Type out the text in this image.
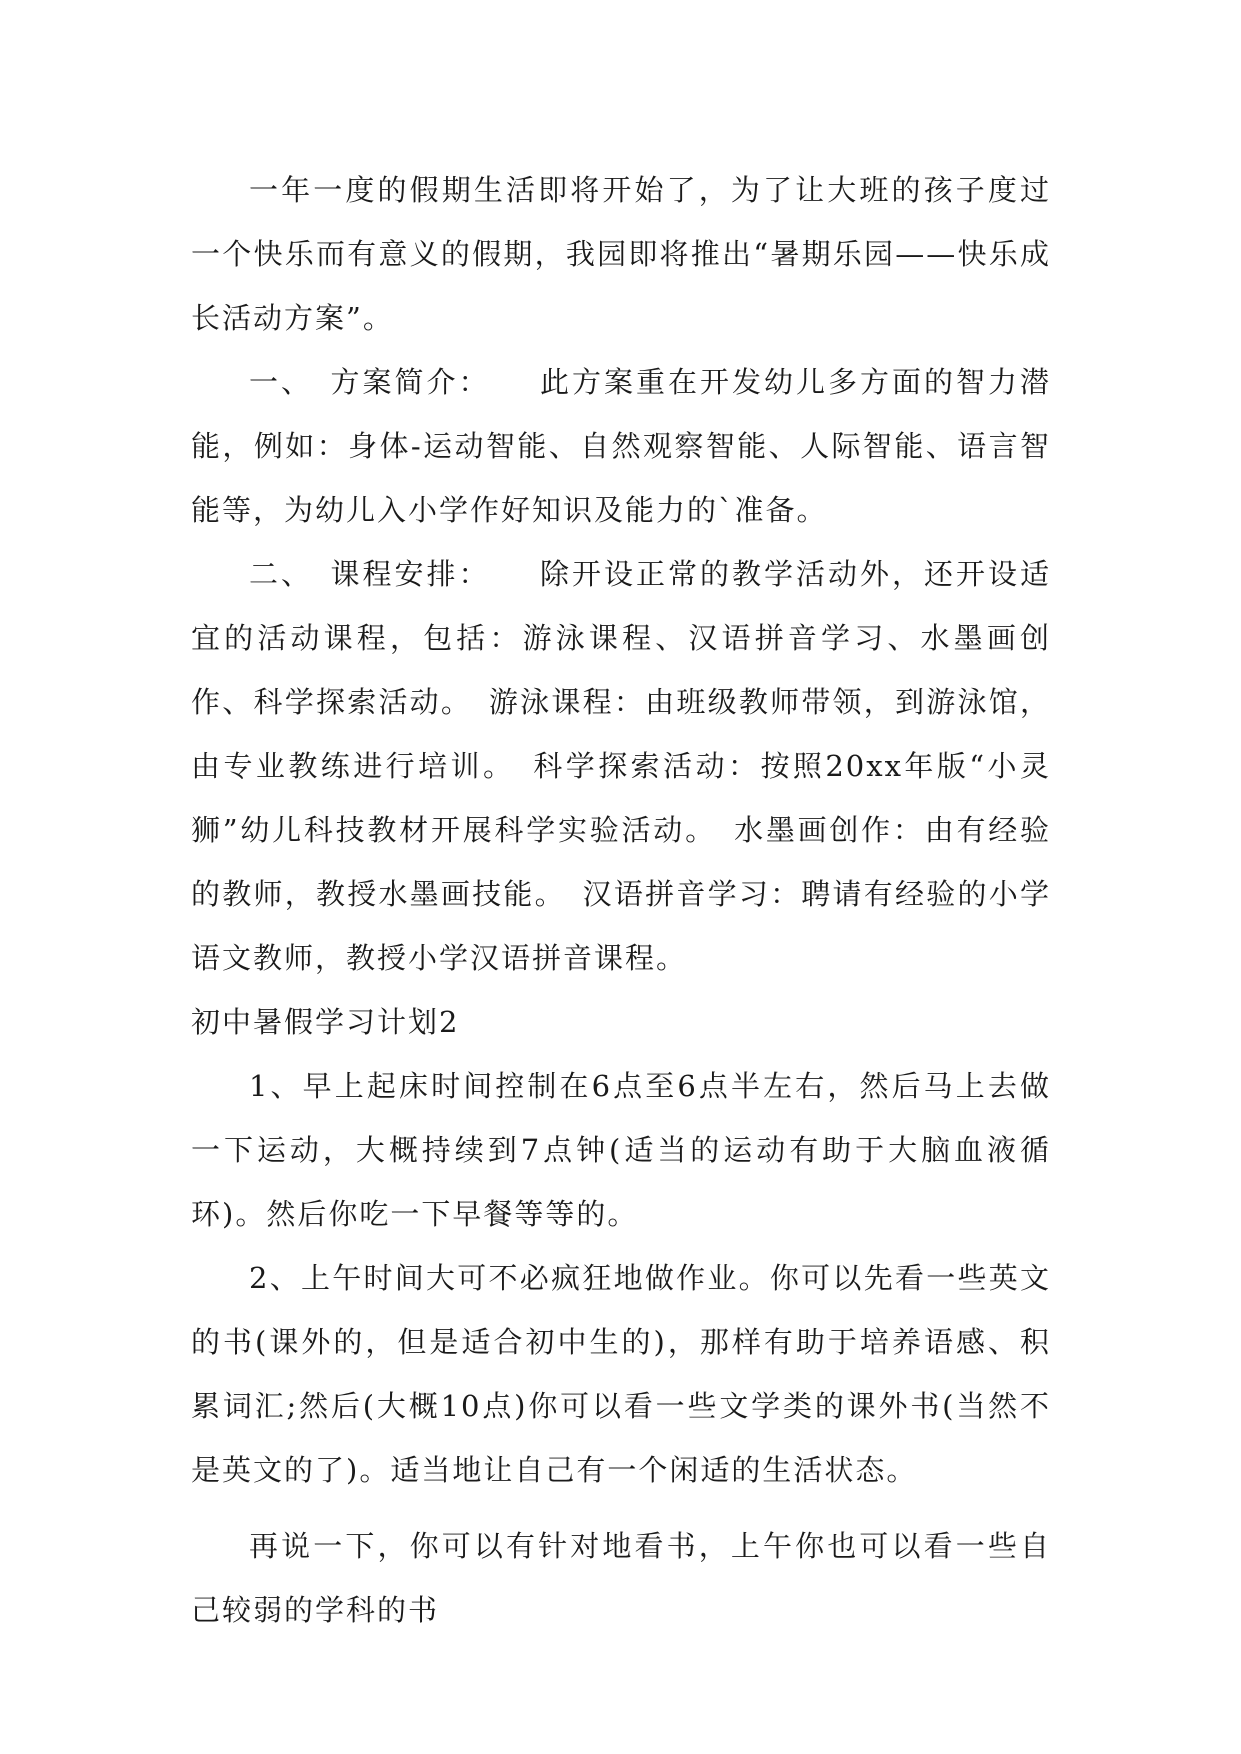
一年一度的假期生活即将开始了，为了让大班的孩子度过一个快乐而有意义的假期，我园即将推出“暑期乐园——快乐成长活动方案”。

一、　方案简介：　　此方案重在开发幼儿多方面的智力潜能，例如：身体-运动智能、自然观察智能、人际智能、语言智能等，为幼儿入小学作好知识及能力的`准备。

二、　课程安排：　　除开设正常的教学活动外，还开设适宜的活动课程，包括：游泳课程、汉语拼音学习、水墨画创作、科学探索活动。　游泳课程：由班级教师带领，到游泳馆，由专业教练进行培训。　科学探索活动：按照20xx年版“小灵狮”幼儿科技教材开展科学实验活动。　水墨画创作：由有经验的教师，教授水墨画技能。　汉语拼音学习：聘请有经验的小学语文教师，教授小学汉语拼音课程。

初中暑假学习计划2

1、早上起床时间控制在6点至6点半左右，然后马上去做一下运动，大概持续到7点钟(适当的运动有助于大脑血液循环)。然后你吃一下早餐等等的。

2、上午时间大可不必疯狂地做作业。你可以先看一些英文的书(课外的，但是适合初中生的)，那样有助于培养语感、积累词汇;然后(大概10点)你可以看一些文学类的课外书(当然不是英文的了)。适当地让自己有一个闲适的生活状态。

再说一下，你可以有针对地看书，上午你也可以看一些自己较弱的学科的书
